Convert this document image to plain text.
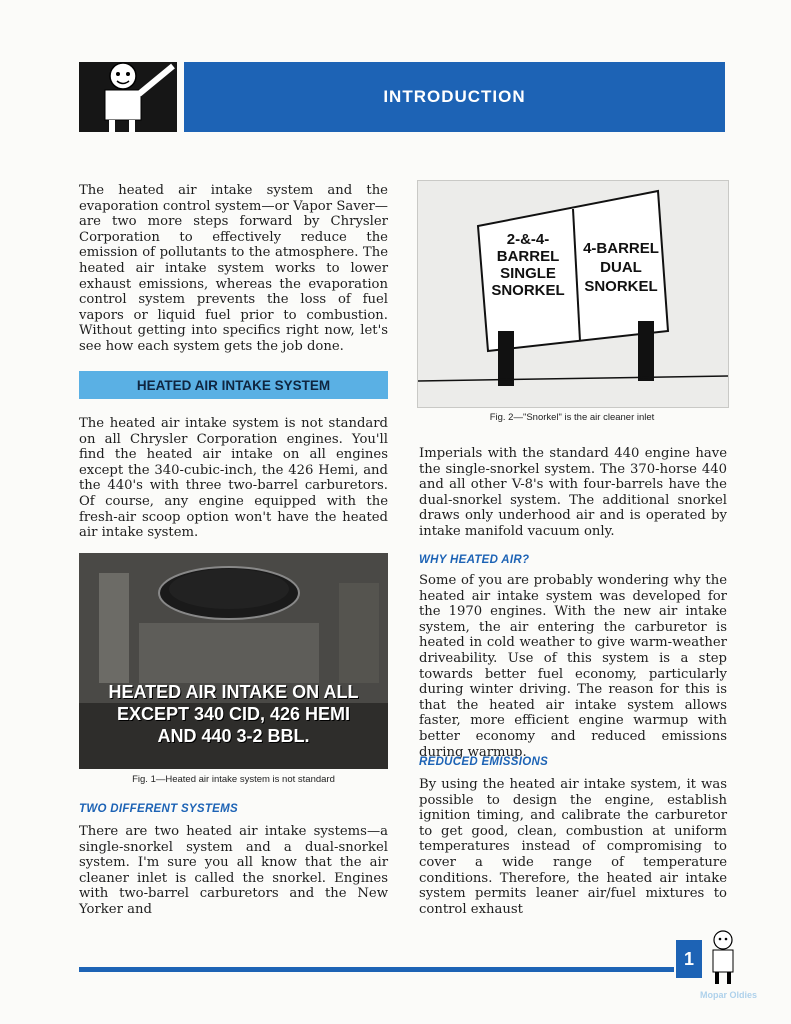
INTRODUCTION

The heated air intake system and the evaporation control system—or Vapor Saver—are two more steps forward by Chrysler Corporation to effectively reduce the emission of pollutants to the atmosphere. The heated air intake system works to lower exhaust emissions, whereas the evaporation control system prevents the loss of fuel vapors or liquid fuel prior to combustion. Without getting into specifics right now, let's see how each system gets the job done.

HEATED AIR INTAKE SYSTEM

The heated air intake system is not standard on all Chrysler Corporation engines. You'll find the heated air intake on all engines except the 340-cubic-inch, the 426 Hemi, and the 440's with three two-barrel carburetors. Of course, any engine equipped with the fresh-air scoop option won't have the heated air intake system.

HEATED AIR INTAKE ON ALL
EXCEPT 340 CID, 426 HEMI
AND 440 3-2 BBL.
Fig. 1—Heated air intake system is not standard
TWO DIFFERENT SYSTEMS

There are two heated air intake systems—a single-snorkel system and a dual-snorkel system. I'm sure you all know that the air cleaner inlet is called the snorkel. Engines with two-barrel carburetors and the New Yorker and

2-&-4-
BARREL
SINGLE
SNORKEL
4-BARREL
DUAL
SNORKEL
Fig. 2—"Snorkel" is the air cleaner inlet

Imperials with the standard 440 engine have the single-snorkel system. The 370-horse 440 and all other V-8's with four-barrels have the dual-snorkel system. The additional snorkel draws only underhood air and is operated by intake manifold vacuum only.

WHY HEATED AIR?

Some of you are probably wondering why the heated air intake system was developed for the 1970 engines. With the new air intake system, the air entering the carburetor is heated in cold weather to give warm-weather driveability. Use of this system is a step towards better fuel economy, particularly during winter driving. The reason for this is that the heated air intake system allows faster, more efficient engine warmup with better economy and reduced emissions during warmup.

REDUCED EMISSIONS

By using the heated air intake system, it was possible to design the engine, establish ignition timing, and calibrate the carburetor to get good, clean, combustion at uniform temperatures instead of compromising to cover a wide range of temperature conditions. Therefore, the heated air intake system permits leaner air/fuel mixtures to control exhaust

1
Mopar Oldies
